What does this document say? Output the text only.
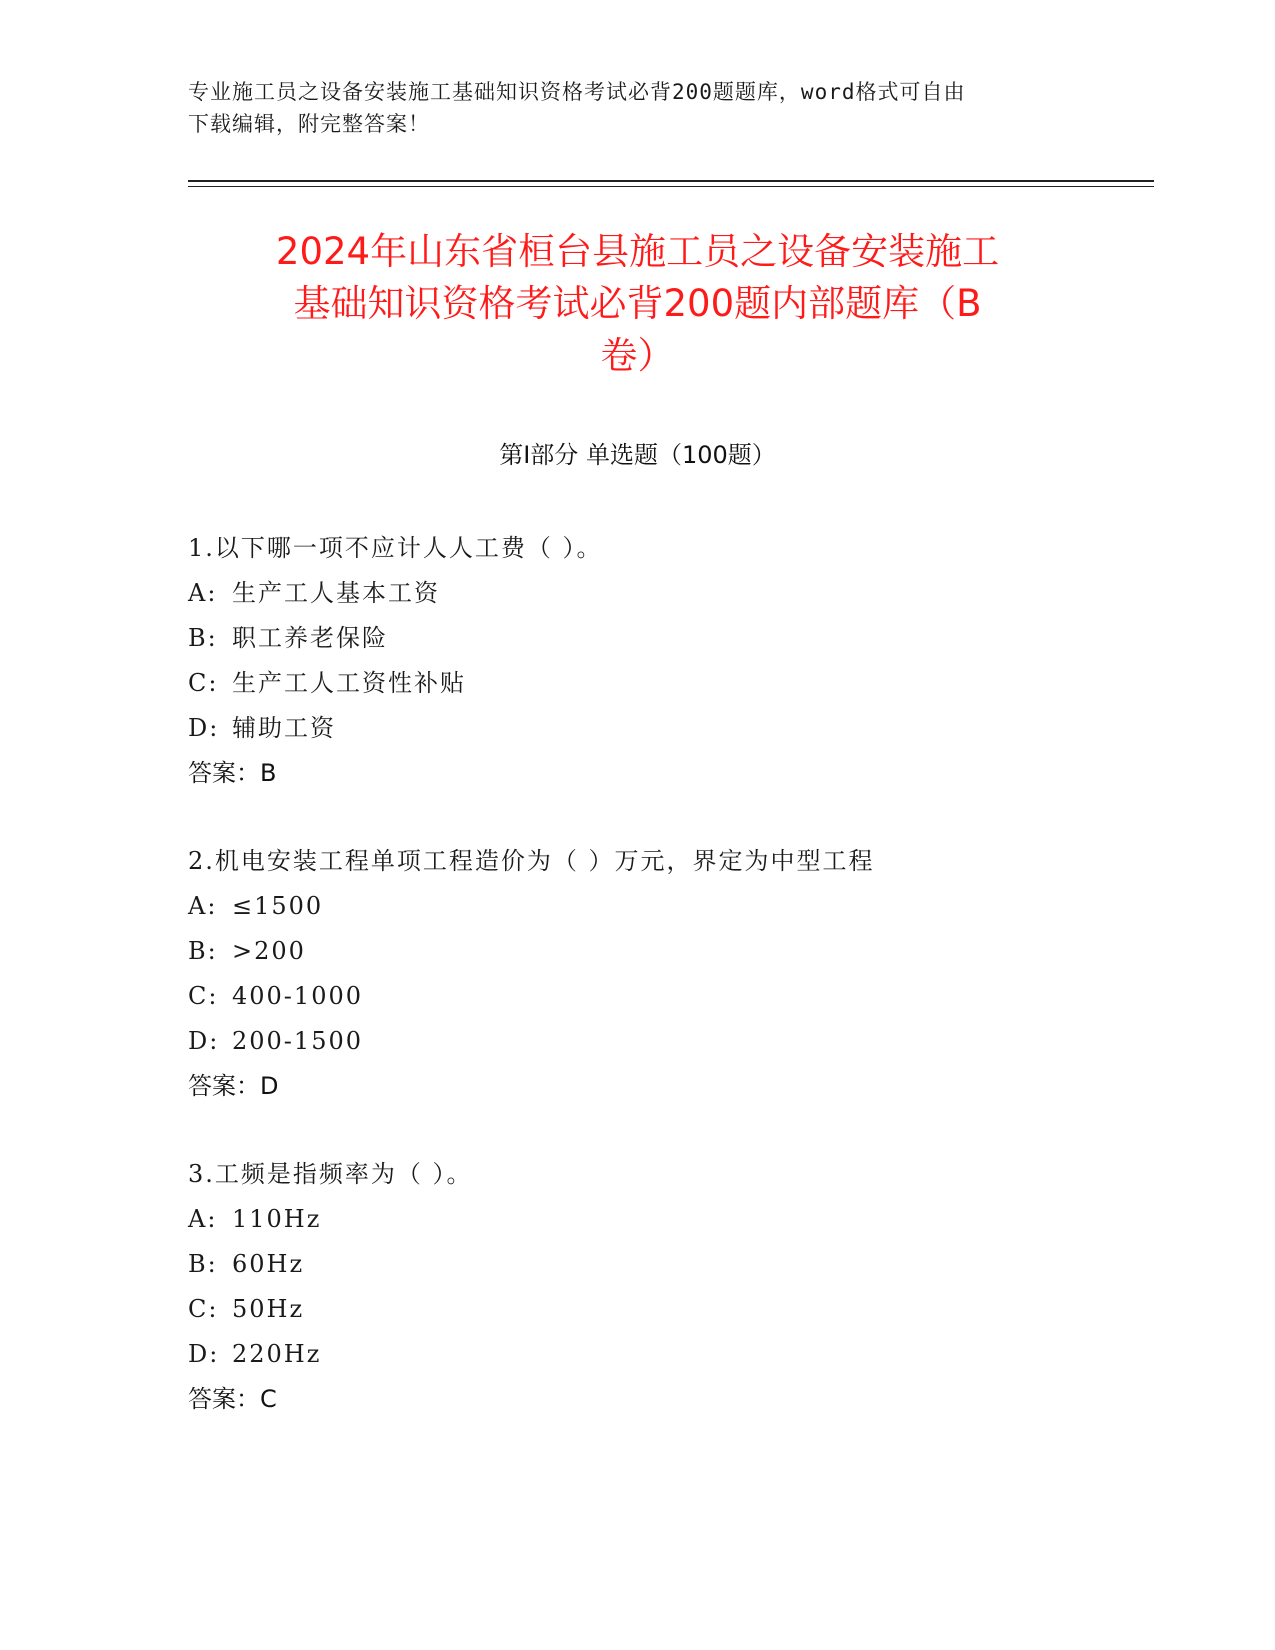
专业施工员之设备安装施工基础知识资格考试必背200题题库，word格式可自由
下载编辑，附完整答案！
2024年山东省桓台县施工员之设备安装施工
基础知识资格考试必背200题内部题库（B
卷）
第Ⅰ部分 单选题（100题）
1.以下哪一项不应计人人工费（ ）。
A: 生产工人基本工资
B: 职工养老保险
C: 生产工人工资性补贴
D: 辅助工资
答案：B
2.机电安装工程单项工程造价为（ ）万元，界定为中型工程
A: ≤1500
B: >200
C: 400-1000
D: 200-1500
答案：D
3.工频是指频率为（ ）。
A: 110Hz
B: 60Hz
C: 50Hz
D: 220Hz
答案：C
